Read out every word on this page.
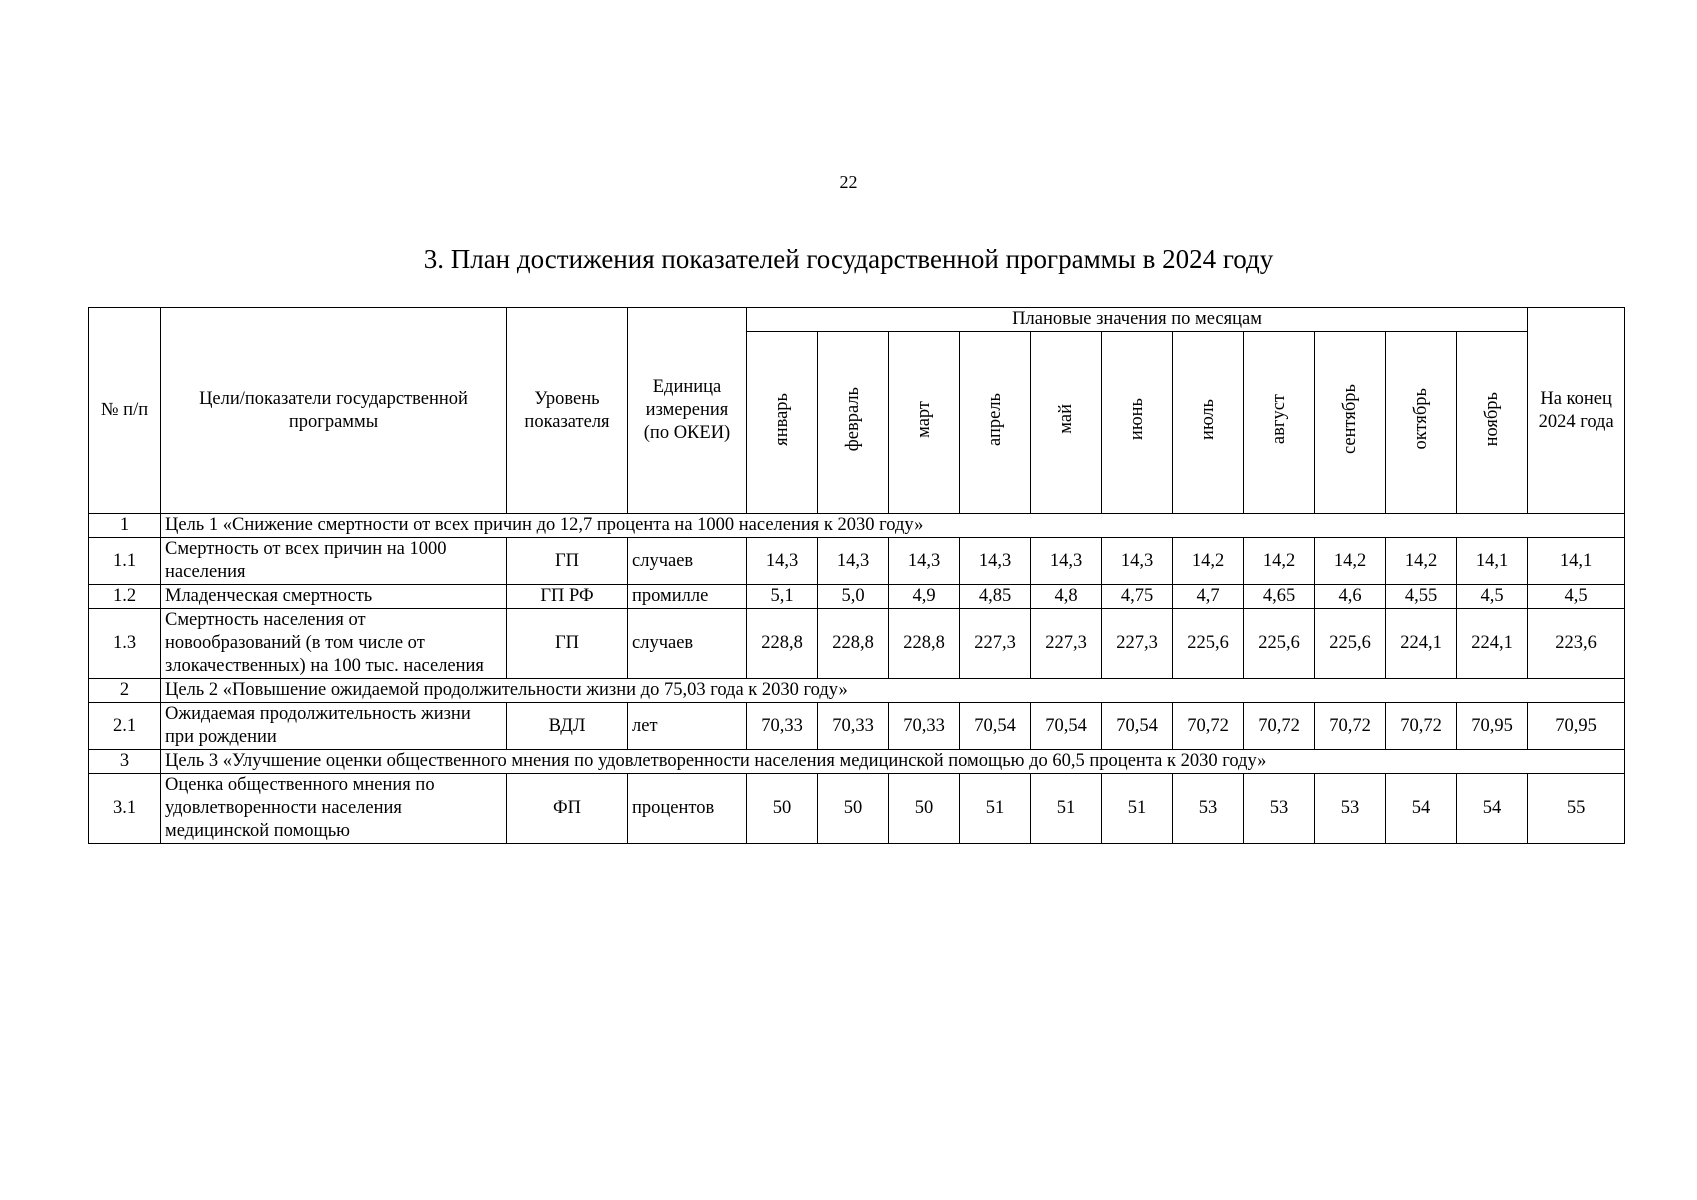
22
3. План достижения показателей государственной программы в 2024 году
№ п/п	Цели/показатели государственной программы	Уровень показателя	Единица измерения (по ОКЕИ)	Плановые значения по месяцам											На конец 2024 года
				январь	февраль	март	апрель	май	июнь	июль	август	сентябрь	октябрь	ноябрь	
1	Цель 1 «Снижение смертности от всех причин до 12,7 процента на 1000 населения к 2030 году»														
1.1	Смертность от всех причин на 1000 населения	ГП	случаев	14,3	14,3	14,3	14,3	14,3	14,3	14,2	14,2	14,2	14,2	14,1	14,1
1.2	Младенческая смертность	ГП РФ	промилле	5,1	5,0	4,9	4,85	4,8	4,75	4,7	4,65	4,6	4,55	4,5	4,5
1.3	Смертность населения от новообразований (в том числе от злокачественных) на 100 тыс. населения	ГП	случаев	228,8	228,8	228,8	227,3	227,3	227,3	225,6	225,6	225,6	224,1	224,1	223,6
2	Цель 2 «Повышение ожидаемой продолжительности жизни до 75,03 года к 2030 году»														
2.1	Ожидаемая продолжительность жизни при рождении	ВДЛ	лет	70,33	70,33	70,33	70,54	70,54	70,54	70,72	70,72	70,72	70,72	70,95	70,95
3	Цель 3 «Улучшение оценки общественного мнения по удовлетворенности населения медицинской помощью до 60,5 процента к 2030 году»														
3.1	Оценка общественного мнения по удовлетворенности населения медицинской помощью	ФП	процентов	50	50	50	51	51	51	53	53	53	54	54	55
